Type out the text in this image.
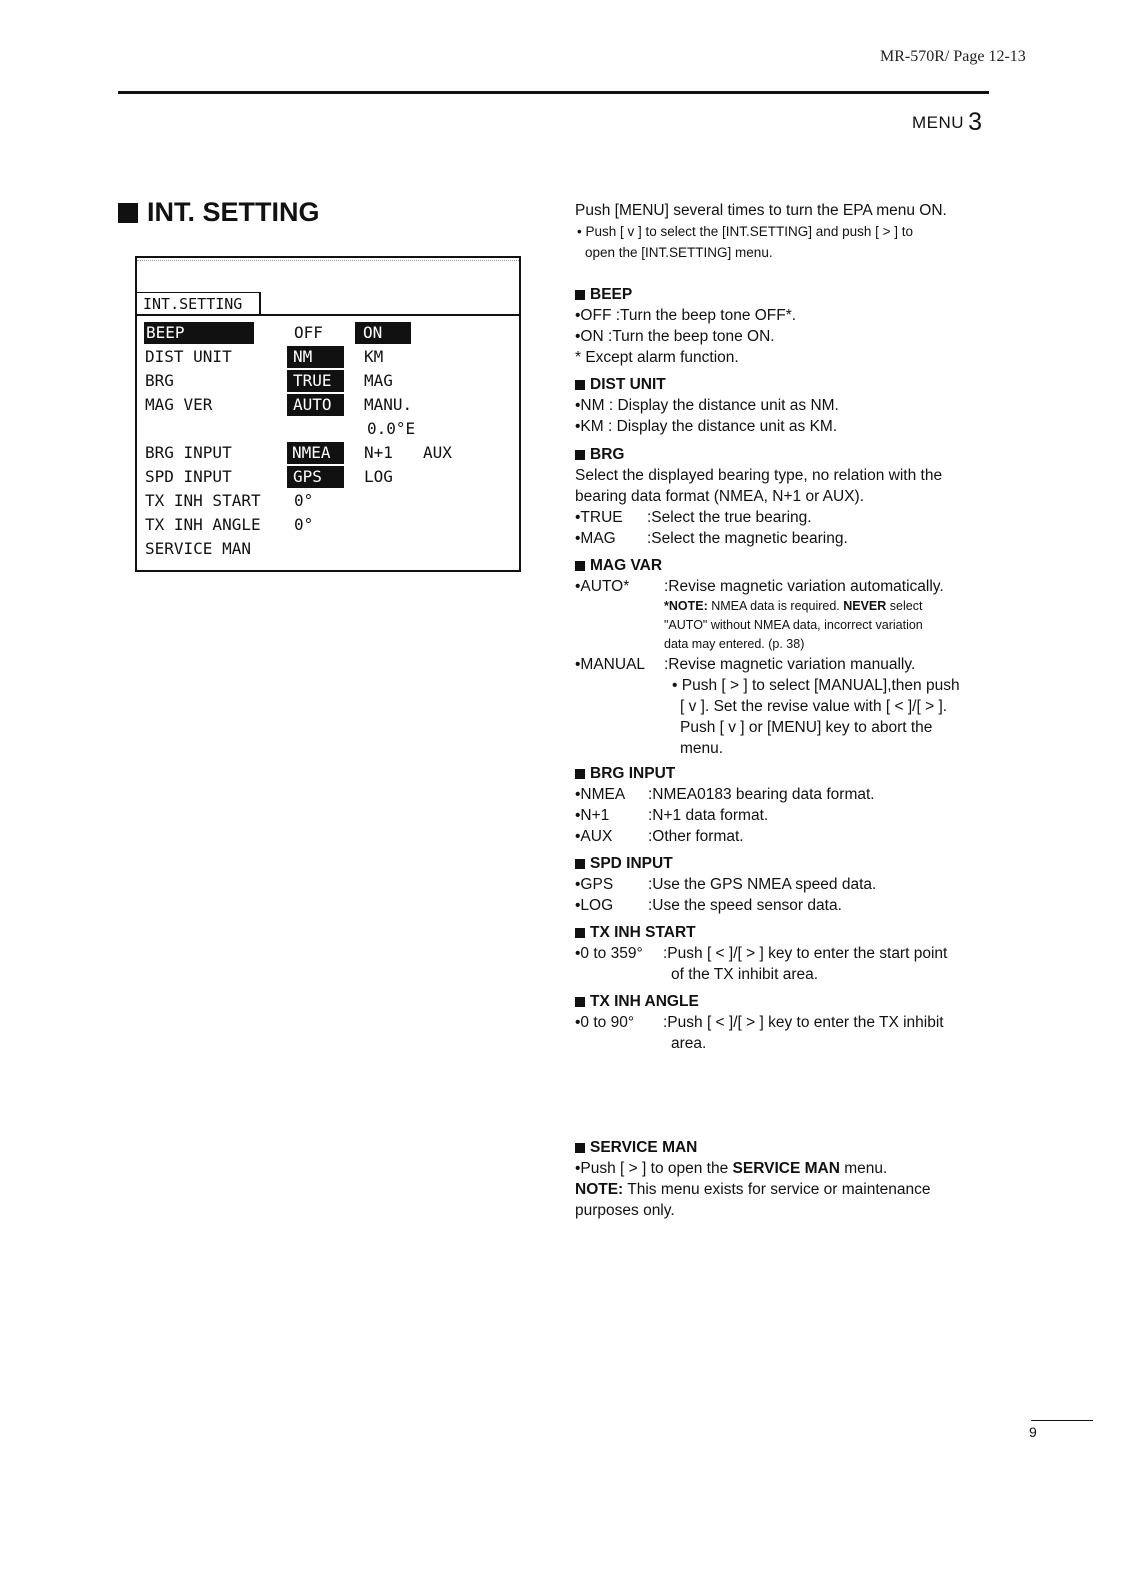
MR-570R/ Page 12-13
MENU 3
INT. SETTING
INT.SETTING
BEEP	OFF	ON
DIST UNIT	NM	KM
BRG	TRUE	MAG
MAG VER	AUTO	MANU.
0.0°E
BRG INPUT	NMEA	N+1 AUX
SPD INPUT	GPS	LOG
TX INH START 0°
TX INH ANGLE 0°
SERVICE MAN
Push [MENU] several times to turn the EPA menu ON.
• Push [ v ] to select the [INT.SETTING] and push [ > ] to
open the [INT.SETTING] menu.
BEEP
•OFF :Turn the beep tone OFF*.
•ON :Turn the beep tone ON.
* Except alarm function.
DIST UNIT
•NM : Display the distance unit as NM.
•KM : Display the distance unit as KM.
BRG
Select the displayed bearing type, no relation with the
bearing data format (NMEA, N+1 or AUX).
•TRUE :Select the true bearing.
•MAG :Select the magnetic bearing.
MAG VAR
•AUTO* :Revise magnetic variation automatically.
*NOTE: NMEA data is required. NEVER select
"AUTO" without NMEA data, incorrect variation
data may entered. (p. 38)
•MANUAL :Revise magnetic variation manually.
• Push [ > ] to select [MANUAL],then push
[ v ]. Set the revise value with [ < ]/[ > ].
Push [ v ] or [MENU] key to abort the
menu.
BRG INPUT
•NMEA :NMEA0183 bearing data format.
•N+1 :N+1 data format.
•AUX :Other format.
SPD INPUT
•GPS :Use the GPS NMEA speed data.
•LOG :Use the speed sensor data.
TX INH START
•0 to 359° :Push [ < ]/[ > ] key to enter the start point
of the TX inhibit area.
TX INH ANGLE
•0 to 90° :Push [ < ]/[ > ] key to enter the TX inhibit
area.
SERVICE MAN
•Push [ > ] to open the SERVICE MAN menu.
NOTE: This menu exists for service or maintenance
purposes only.
9
